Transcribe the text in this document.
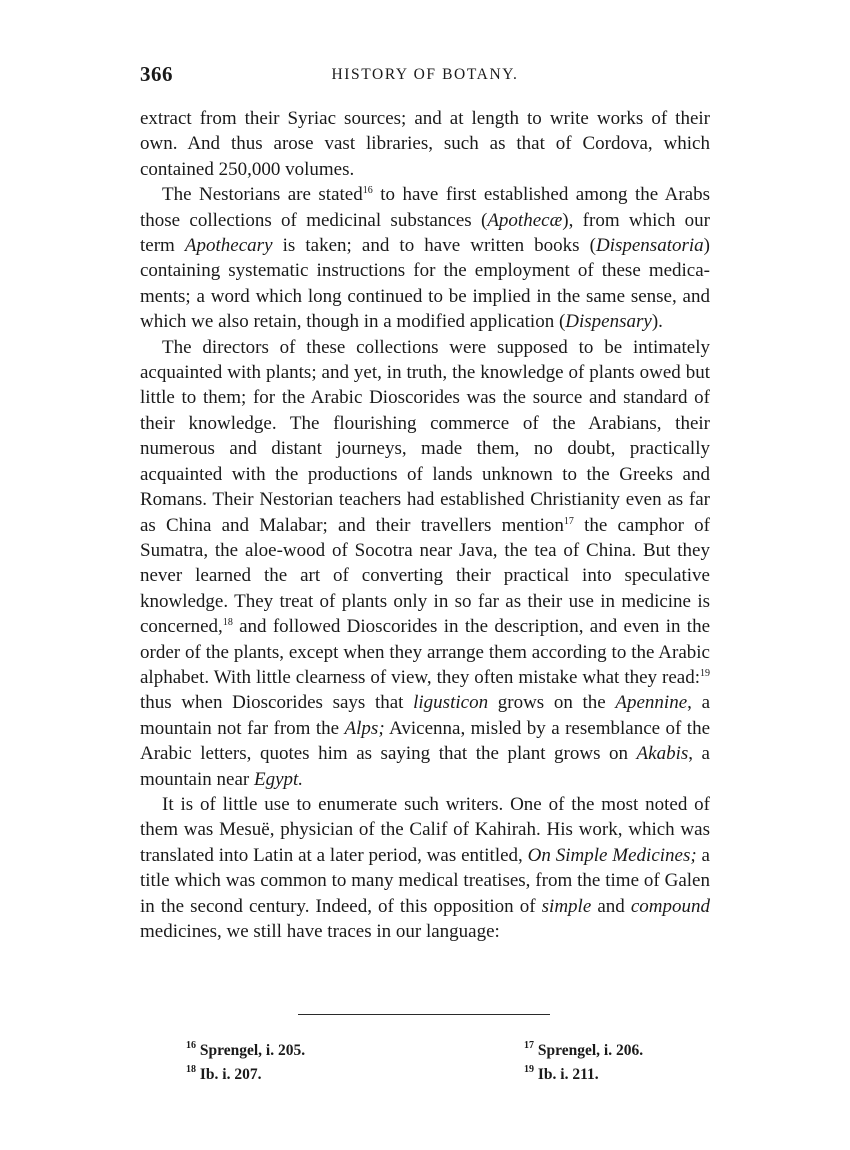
366	HISTORY OF BOTANY.

extract from their Syriac sources; and at length to write works of their own. And thus arose vast libraries, such as that of Cordova, which contained 250,000 volumes.

The Nestorians are stated$^{16}$ to have first established among the Arabs those collections of medicinal substances (Apothecæ), from which our term Apothecary is taken; and to have written books (Dispensatoria) containing systematic instructions for the employment of these medicaments; a word which long continued to be implied in the same sense, and which we also retain, though in a modified application (Dispensary).

The directors of these collections were supposed to be intimately acquainted with plants; and yet, in truth, the knowledge of plants owed but little to them; for the Arabic Dioscorides was the source and standard of their knowledge. The flourishing commerce of the Arabians, their numerous and distant journeys, made them, no doubt, practically acquainted with the productions of lands unknown to the Greeks and Romans. Their Nestorian teachers had established Christianity even as far as China and Malabar; and their travellers mention$^{17}$ the camphor of Sumatra, the aloe-wood of Socotra near Java, the tea of China. But they never learned the art of converting their practical into speculative knowledge. They treat of plants only in so far as their use in medicine is concerned,$^{18}$ and followed Dioscorides in the description, and even in the order of the plants, except when they arrange them according to the Arabic alphabet. With little clearness of view, they often mistake what they read:$^{19}$ thus when Dioscorides says that ligusticon grows on the Apennine, a mountain not far from the Alps; Avicenna, misled by a resemblance of the Arabic letters, quotes him as saying that the plant grows on Akabis, a mountain near Egypt.

It is of little use to enumerate such writers. One of the most noted of them was Mesuë, physician of the Calif of Kahirah. His work, which was translated into Latin at a later period, was entitled, On Simple Medicines; a title which was common to many medical treatises, from the time of Galen in the second century. Indeed, of this opposition of simple and compound medicines, we still have traces in our language:

$^{16}$ Sprengel, i. 205.	$^{17}$ Sprengel, i. 206.
$^{18}$ Ib. i. 207.	$^{19}$ Ib. i. 211.
